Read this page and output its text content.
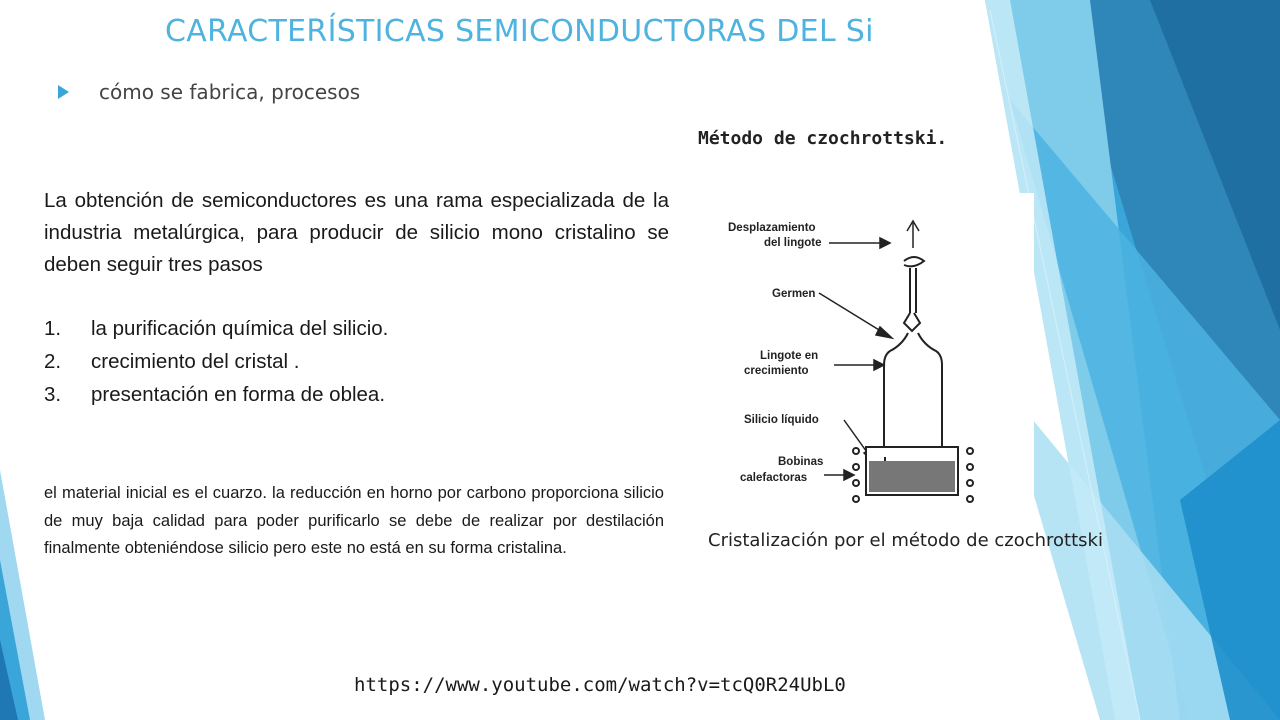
CARACTERÍSTICAS SEMICONDUCTORAS DEL Si
cómo se fabrica, procesos
Método de czochrottski.
La obtención de semiconductores es una rama especializada de la industria metalúrgica, para producir de silicio mono cristalino se deben seguir tres pasos
1.	la purificación química del silicio.
2.	crecimiento del cristal .
3.	presentación en forma de oblea.
el material inicial es el cuarzo. la reducción en horno por carbono proporciona silicio de muy baja calidad para poder purificarlo se debe de realizar por destilación finalmente obteniéndose silicio pero este no está en su forma cristalina.
Desplazamiento
del lingote
Germen
Lingote en
crecimiento
Silicio líquido
Bobinas
calefactoras
Cristalización por el método de czochrottski
https://www.youtube.com/watch?v=tcQ0R24UbL0
